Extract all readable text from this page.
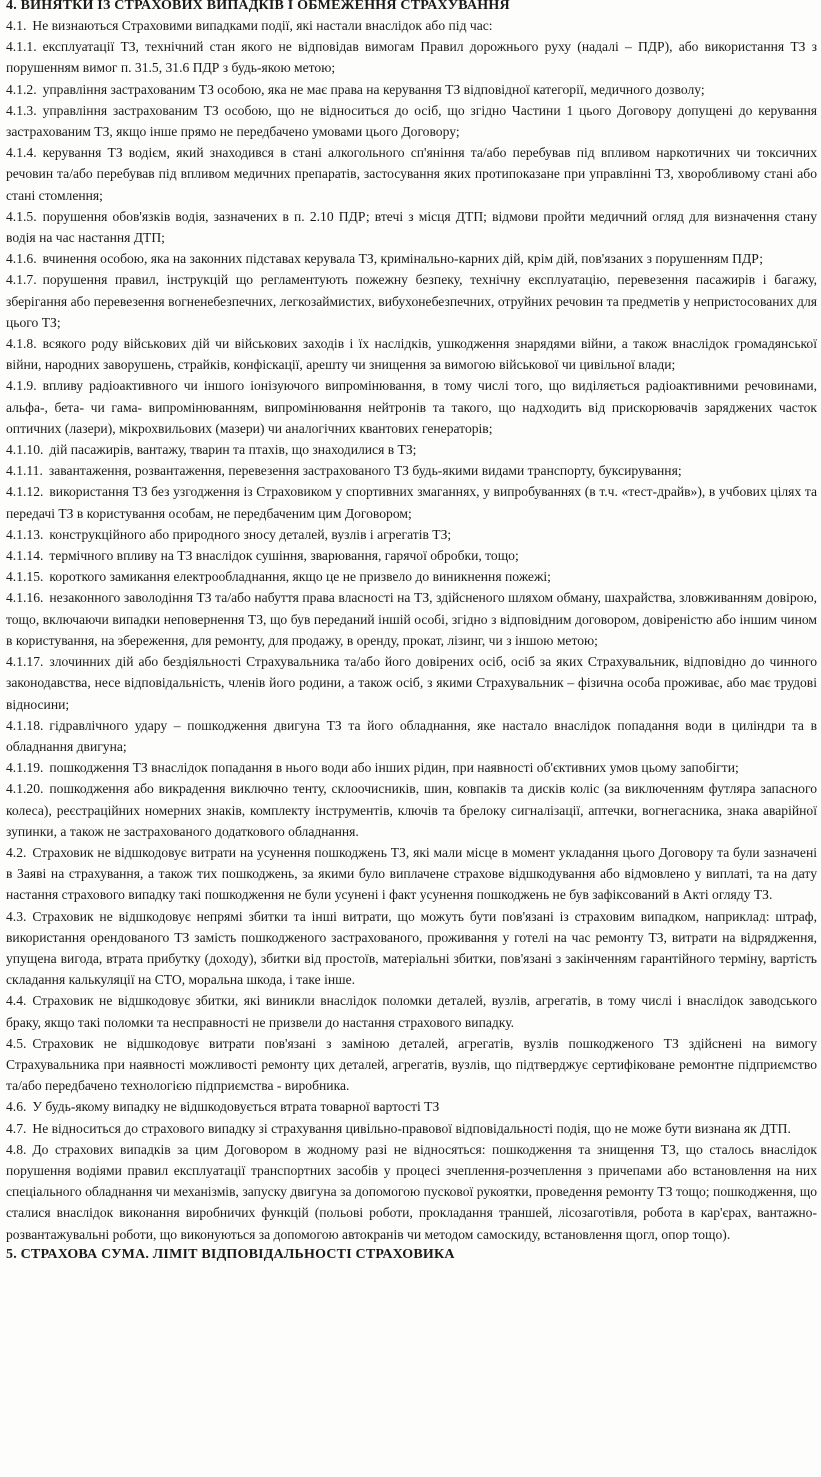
4. ВИНЯТКИ ІЗ СТРАХОВИХ ВИПАДКІВ І ОБМЕЖЕННЯ СТРАХУВАННЯ

4.1. Не визнаються Страховими випадками події, які настали внаслідок або під час:

4.1.1. експлуатації ТЗ, технічний стан якого не відповідав вимогам Правил дорожнього руху (надалі – ПДР), або використання ТЗ з порушенням вимог п. 31.5, 31.6 ПДР з будь-якою метою;

4.1.2. управління застрахованим ТЗ особою, яка не має права на керування ТЗ відповідної категорії, медичного дозволу;

4.1.3. управління застрахованим ТЗ особою, що не відноситься до осіб, що згідно Частини 1 цього Договору допущені до керування застрахованим ТЗ, якщо інше прямо не передбачено умовами цього Договору;

4.1.4. керування ТЗ водієм, який знаходився в стані алкогольного сп'яніння та/або перебував під впливом наркотичних чи токсичних речовин та/або перебував під впливом медичних препаратів, застосування яких протипоказане при управлінні ТЗ, хворобливому стані або стані стомлення;

4.1.5. порушення обов'язків водія, зазначених в п. 2.10 ПДР; втечі з місця ДТП; відмови пройти медичний огляд для визначення стану водія на час настання ДТП;

4.1.6. вчинення особою, яка на законних підставах керувала ТЗ, кримінально-карних дій, крім дій, пов'язаних з порушенням ПДР;

4.1.7. порушення правил, інструкцій що регламентують пожежну безпеку, технічну експлуатацію, перевезення пасажирів і багажу, зберігання або перевезення вогненебезпечних, легкозаймистих, вибухонебезпечних, отруйних речовин та предметів у непристосованих для цього ТЗ;

4.1.8. всякого роду військових дій чи військових заходів і їх наслідків, ушкодження знарядями війни, а також внаслідок громадянської війни, народних заворушень, страйків, конфіскації, арешту чи знищення за вимогою військової чи цивільної влади;

4.1.9. впливу радіоактивного чи іншого іонізуючого випромінювання, в тому числі того, що виділяється радіоактивними речовинами, альфа-, бета- чи гама- випромінюванням, випромінювання нейтронів та такого, що надходить від прискорювачів заряджених часток оптичних (лазери), мікрохвильових (мазери) чи аналогічних квантових генераторів;

4.1.10. дій пасажирів, вантажу, тварин та птахів, що знаходилися в ТЗ;

4.1.11. завантаження, розвантаження, перевезення застрахованого ТЗ будь-якими видами транспорту, буксирування;

4.1.12. використання ТЗ без узгодження із Страховиком у спортивних змаганнях, у випробуваннях (в т.ч. «тест-драйв»), в учбових цілях та передачі ТЗ в користування особам, не передбаченим цим Договором;

4.1.13. конструкційного або природного зносу деталей, вузлів і агрегатів ТЗ;

4.1.14. термічного впливу на ТЗ внаслідок сушіння, зварювання, гарячої обробки, тощо;

4.1.15. короткого замикання електрообладнання, якщо це не призвело до виникнення пожежі;

4.1.16. незаконного заволодіння ТЗ та/або набуття права власності на ТЗ, здійсненого шляхом обману, шахрайства, зловживанням довірою, тощо, включаючи випадки неповернення ТЗ, що був переданий іншій особі, згідно з відповідним договором, довіреністю або іншим чином в користування, на збереження, для ремонту, для продажу, в оренду, прокат, лізинг, чи з іншою метою;

4.1.17. злочинних дій або бездіяльності Страхувальника та/або його довірених осіб, осіб за яких Страхувальник, відповідно до чинного законодавства, несе відповідальність, членів його родини, а також осіб, з якими Страхувальник – фізична особа проживає, або має трудові відносини;

4.1.18. гідравлічного удару – пошкодження двигуна ТЗ та його обладнання, яке настало внаслідок попадання води в циліндри та в обладнання двигуна;

4.1.19. пошкодження ТЗ внаслідок попадання в нього води або інших рідин, при наявності об'єктивних умов цьому запобігти;

4.1.20. пошкодження або викрадення виключно тенту, склоочисників, шин, ковпаків та дисків коліс (за виключенням футляра запасного колеса), реєстраційних номерних знаків, комплекту інструментів, ключів та брелоку сигналізації, аптечки, вогнегасника, знака аварійної зупинки, а також не застрахованого додаткового обладнання.

4.2. Страховик не відшкодовує витрати на усунення пошкоджень ТЗ, які мали місце в момент укладання цього Договору та були зазначені в Заяві на страхування, а також тих пошкоджень, за якими було виплачене страхове відшкодування або відмовлено у виплаті, та на дату настання страхового випадку такі пошкодження не були усунені і факт усунення пошкоджень не був зафіксований в Акті огляду ТЗ.

4.3. Страховик не відшкодовує непрямі збитки та інші витрати, що можуть бути пов'язані із страховим випадком, наприклад: штраф, використання орендованого ТЗ замість пошкодженого застрахованого, проживання у готелі на час ремонту ТЗ, витрати на відрядження, упущена вигода, втрата прибутку (доходу), збитки від простоїв, матеріальні збитки, пов'язані з закінченням гарантійного терміну, вартість складання калькуляції на СТО, моральна шкода, і таке інше.

4.4. Страховик не відшкодовує збитки, які виникли внаслідок поломки деталей, вузлів, агрегатів, в тому числі і внаслідок заводського браку, якщо такі поломки та несправності не призвели до настання страхового випадку.

4.5. Страховик не відшкодовує витрати пов'язані з заміною деталей, агрегатів, вузлів пошкодженого ТЗ здійснені на вимогу Страхувальника при наявності можливості ремонту цих деталей, агрегатів, вузлів, що підтверджує сертифіковане ремонтне підприємство та/або передбачено технологією підприємства - виробника.

4.6. У будь-якому випадку не відшкодовується втрата товарної вартості ТЗ

4.7. Не відноситься до страхового випадку зі страхування цивільно-правової відповідальності подія, що не може бути визнана як ДТП.

4.8. До страхових випадків за цим Договором в жодному разі не відносяться: пошкодження та знищення ТЗ, що сталось внаслідок порушення водіями правил експлуатації транспортних засобів у процесі зчеплення-розчеплення з причепами або встановлення на них спеціального обладнання чи механізмів, запуску двигуна за допомогою пускової рукоятки, проведення ремонту ТЗ тощо; пошкодження, що сталися внаслідок виконання виробничих функцій (польові роботи, прокладання траншей, лісозаготівля, робота в кар'єрах, вантажно-розвантажувальні роботи, що виконуються за допомогою автокранів чи методом самоскиду, встановлення щогл, опор тощо).

5. СТРАХОВА СУМА. ЛІМІТ ВІДПОВІДАЛЬНОСТІ СТРАХОВИКА
